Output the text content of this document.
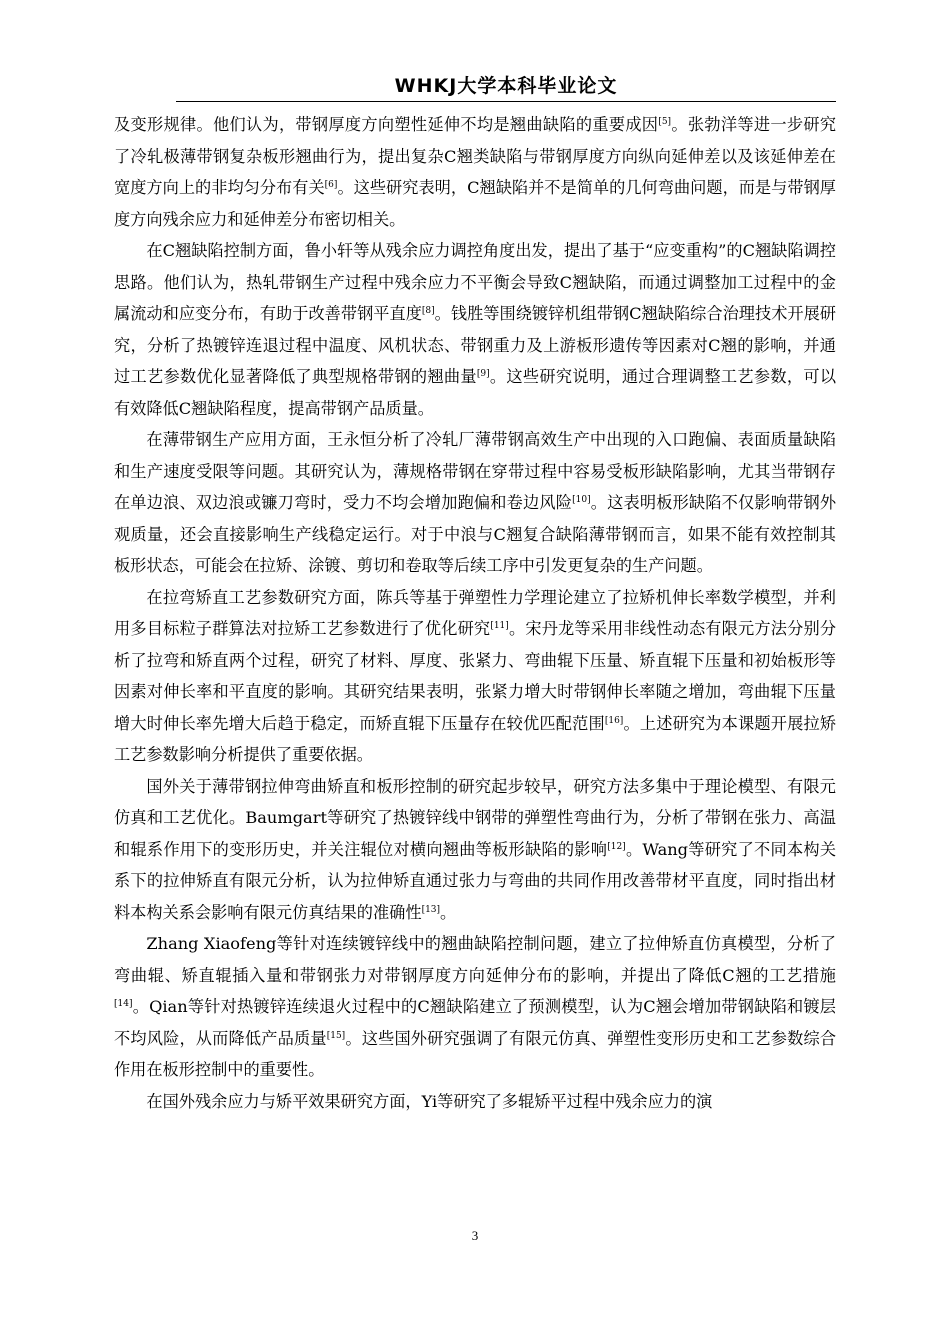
WHKJ大学本科毕业论文

及变形规律。他们认为，带钢厚度方向塑性延伸不均是翘曲缺陷的重要成因[5]。张勃洋等进一步研究了冷轧极薄带钢复杂板形翘曲行为，提出复杂C翘类缺陷与带钢厚度方向纵向延伸差以及该延伸差在宽度方向上的非均匀分布有关[6]。这些研究表明，C翘缺陷并不是简单的几何弯曲问题，而是与带钢厚度方向残余应力和延伸差分布密切相关。

在C翘缺陷控制方面，鲁小轩等从残余应力调控角度出发，提出了基于“应变重构”的C翘缺陷调控思路。他们认为，热轧带钢生产过程中残余应力不平衡会导致C翘缺陷，而通过调整加工过程中的金属流动和应变分布，有助于改善带钢平直度[8]。钱胜等围绕镀锌机组带钢C翘缺陷综合治理技术开展研究，分析了热镀锌连退过程中温度、风机状态、带钢重力及上游板形遗传等因素对C翘的影响，并通过工艺参数优化显著降低了典型规格带钢的翘曲量[9]。这些研究说明，通过合理调整工艺参数，可以有效降低C翘缺陷程度，提高带钢产品质量。

在薄带钢生产应用方面，王永恒分析了冷轧厂薄带钢高效生产中出现的入口跑偏、表面质量缺陷和生产速度受限等问题。其研究认为，薄规格带钢在穿带过程中容易受板形缺陷影响，尤其当带钢存在单边浪、双边浪或镰刀弯时，受力不均会增加跑偏和卷边风险[10]。这表明板形缺陷不仅影响带钢外观质量，还会直接影响生产线稳定运行。对于中浪与C翘复合缺陷薄带钢而言，如果不能有效控制其板形状态，可能会在拉矫、涂镀、剪切和卷取等后续工序中引发更复杂的生产问题。

在拉弯矫直工艺参数研究方面，陈兵等基于弹塑性力学理论建立了拉矫机伸长率数学模型，并利用多目标粒子群算法对拉矫工艺参数进行了优化研究[11]。宋丹龙等采用非线性动态有限元方法分别分析了拉弯和矫直两个过程，研究了材料、厚度、张紧力、弯曲辊下压量、矫直辊下压量和初始板形等因素对伸长率和平直度的影响。其研究结果表明，张紧力增大时带钢伸长率随之增加，弯曲辊下压量增大时伸长率先增大后趋于稳定，而矫直辊下压量存在较优匹配范围[16]。上述研究为本课题开展拉矫工艺参数影响分析提供了重要依据。

国外关于薄带钢拉伸弯曲矫直和板形控制的研究起步较早，研究方法多集中于理论模型、有限元仿真和工艺优化。Baumgart等研究了热镀锌线中钢带的弹塑性弯曲行为，分析了带钢在张力、高温和辊系作用下的变形历史，并关注辊位对横向翘曲等板形缺陷的影响[12]。Wang等研究了不同本构关系下的拉伸矫直有限元分析，认为拉伸矫直通过张力与弯曲的共同作用改善带材平直度，同时指出材料本构关系会影响有限元仿真结果的准确性[13]。

Zhang Xiaofeng等针对连续镀锌线中的翘曲缺陷控制问题，建立了拉伸矫直仿真模型，分析了弯曲辊、矫直辊插入量和带钢张力对带钢厚度方向延伸分布的影响，并提出了降低C翘的工艺措施[14]。Qian等针对热镀锌连续退火过程中的C翘缺陷建立了预测模型，认为C翘会增加带钢缺陷和镀层不均风险，从而降低产品质量[15]。这些国外研究强调了有限元仿真、弹塑性变形历史和工艺参数综合作用在板形控制中的重要性。

在国外残余应力与矫平效果研究方面，Yi等研究了多辊矫平过程中残余应力的演

3
